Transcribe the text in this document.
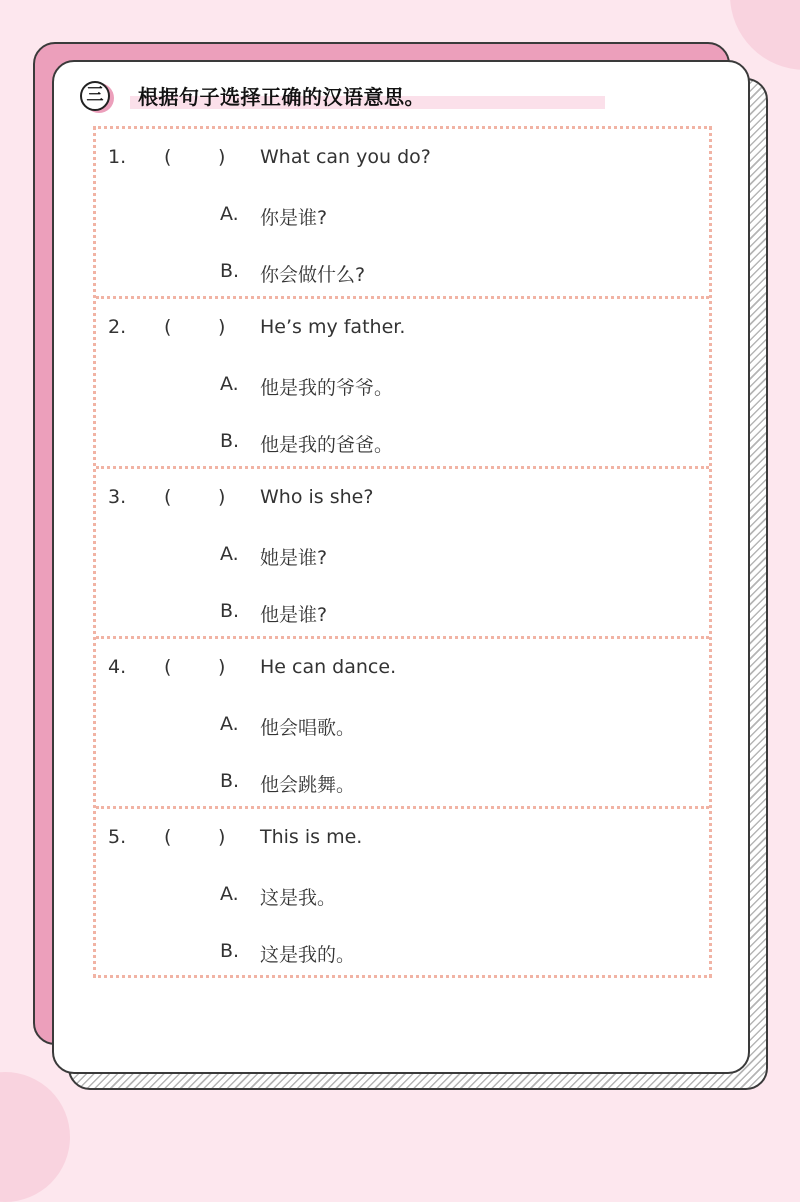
三	根据句子选择正确的汉语意思。
1. ( ) What can you do?
A. 你是谁?
B. 你会做什么?
2. ( ) He’s my father.
A. 他是我的爷爷。
B. 他是我的爸爸。
3. ( ) Who is she?
A. 她是谁?
B. 他是谁?
4. ( ) He can dance.
A. 他会唱歌。
B. 他会跳舞。
5. ( ) This is me.
A. 这是我。
B. 这是我的。
